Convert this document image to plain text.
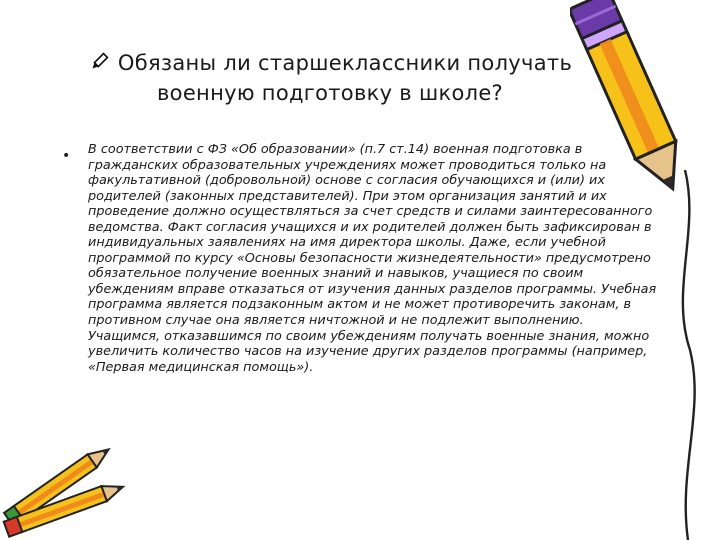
Обязаны ли старшеклассники получать
военную подготовку в школе?
• В соответствии с ФЗ «Об образовании» (п.7 ст.14) военная подготовка в гражданских образовательных учреждениях может проводиться только на факультативной (добровольной) основе с согласия обучающихся и (или) их родителей (законных представителей). При этом организация занятий и их проведение должно осуществляться за счет средств и силами заинтересованного ведомства. Факт согласия учащихся и их родителей должен быть зафиксирован в индивидуальных заявлениях на имя директора школы. Даже, если учебной программой по курсу «Основы безопасности жизнедеятельности» предусмотрено обязательное получение военных знаний и навыков, учащиеся по своим убеждениям вправе отказаться от изучения данных разделов программы. Учебная программа является подзаконным актом и не может противоречить законам, в противном случае она является ничтожной и не подлежит выполнению. Учащимся, отказавшимся по своим убеждениям получать военные знания, можно увеличить количество часов на изучение других разделов программы (например, «Первая медицинская помощь»).
